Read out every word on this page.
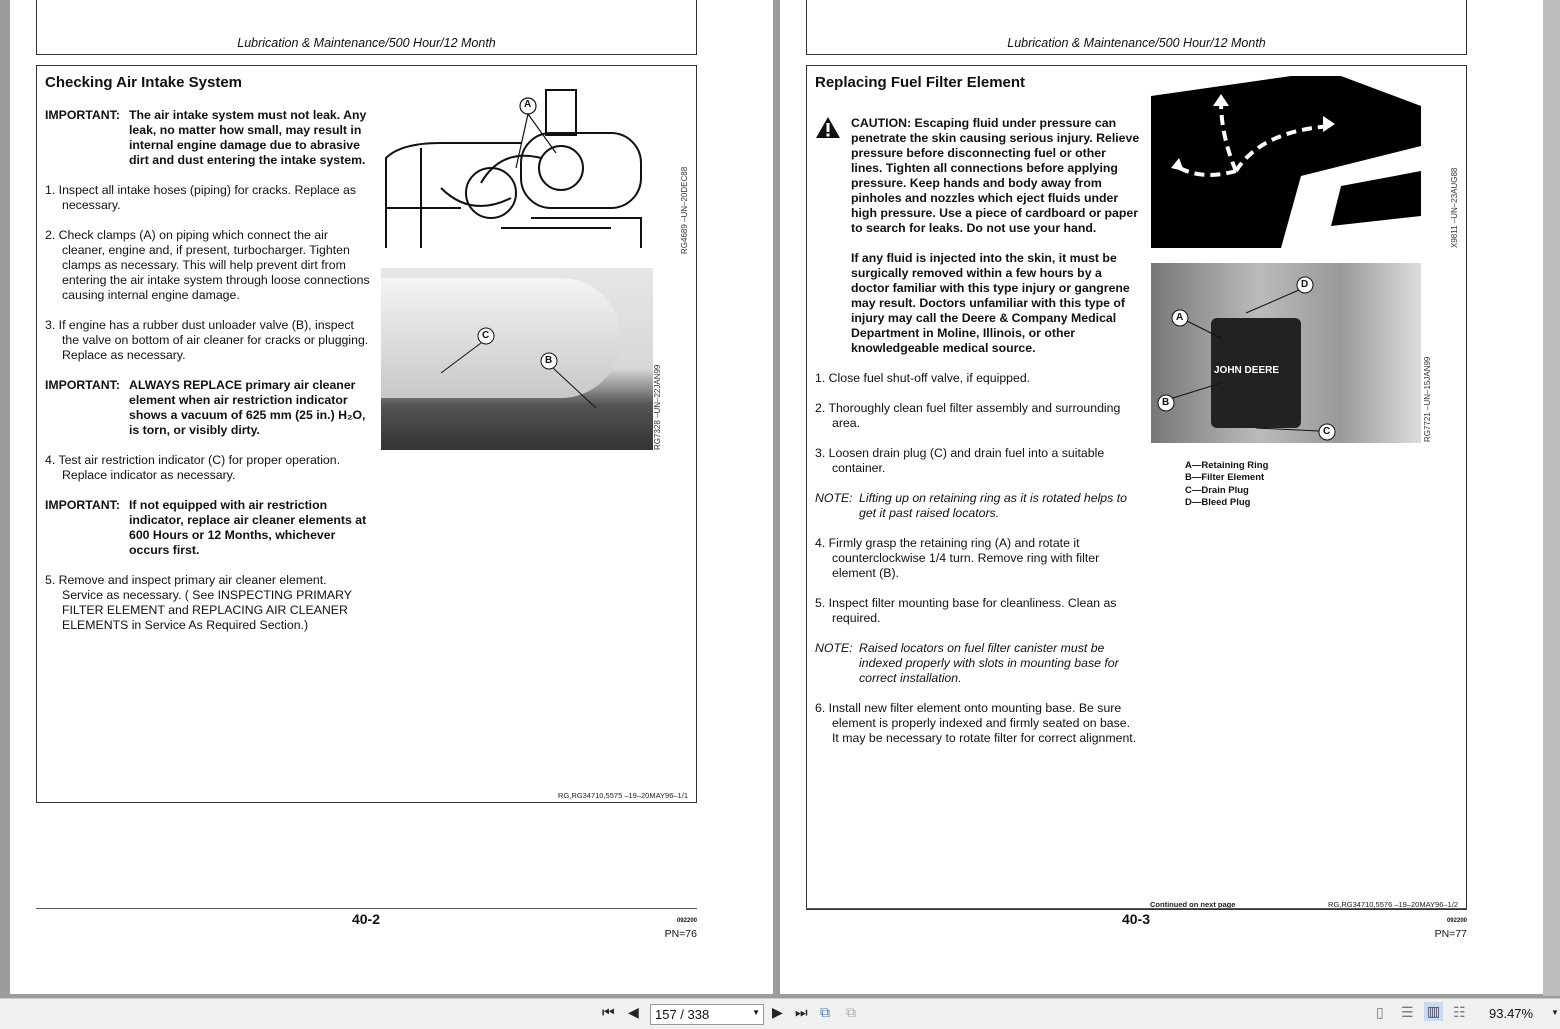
Lubrication & Maintenance/500 Hour/12 Month
Checking Air Intake System

IMPORTANT: The air intake system must not leak. Any leak, no matter how small, may result in internal engine damage due to abrasive dirt and dust entering the intake system.

1. Inspect all intake hoses (piping) for cracks. Replace as necessary.

2. Check clamps (A) on piping which connect the air cleaner, engine and, if present, turbocharger. Tighten clamps as necessary. This will help prevent dirt from entering the air intake system through loose connections causing internal engine damage.

3. If engine has a rubber dust unloader valve (B), inspect the valve on bottom of air cleaner for cracks or plugging. Replace as necessary.

IMPORTANT: ALWAYS REPLACE primary air cleaner element when air restriction indicator shows a vacuum of 625 mm (25 in.) H₂O, is torn, or visibly dirty.

4. Test air restriction indicator (C) for proper operation. Replace indicator as necessary.

IMPORTANT: If not equipped with air restriction indicator, replace air cleaner elements at 600 Hours or 12 Months, whichever occurs first.

5. Remove and inspect primary air cleaner element. Service as necessary. ( See INSPECTING PRIMARY FILTER ELEMENT and REPLACING AIR CLEANER ELEMENTS in Service As Required Section.)

A
RG4689 –UN–20DEC88
C
B
RG7328 –UN–22JAN99
RG,RG34710,5575 –19–20MAY96–1/1
40-2	092200
PN=76
Lubrication & Maintenance/500 Hour/12 Month
Replacing Fuel Filter Element

CAUTION: Escaping fluid under pressure can penetrate the skin causing serious injury. Relieve pressure before disconnecting fuel or other lines. Tighten all connections before applying pressure. Keep hands and body away from pinholes and nozzles which eject fluids under high pressure. Use a piece of cardboard or paper to search for leaks. Do not use your hand.

If any fluid is injected into the skin, it must be surgically removed within a few hours by a doctor familiar with this type injury or gangrene may result. Doctors unfamiliar with this type of injury may call the Deere & Company Medical Department in Moline, Illinois, or other knowledgeable medical source.

1. Close fuel shut-off valve, if equipped.

2. Thoroughly clean fuel filter assembly and surrounding area.

3. Loosen drain plug (C) and drain fuel into a suitable container.

NOTE: Lifting up on retaining ring as it is rotated helps to get it past raised locators.

4. Firmly grasp the retaining ring (A) and rotate it counterclockwise 1/4 turn. Remove ring with filter element (B).

5. Inspect filter mounting base for cleanliness. Clean as required.

NOTE: Raised locators on fuel filter canister must be indexed properly with slots in mounting base for correct installation.

6. Install new filter element onto mounting base. Be sure element is properly indexed and firmly seated on base. It may be necessary to rotate filter for correct alignment.

X9811 –UN–23AUG88
JOHN DEERE
A
D
B
C	RG7721 –UN–15JAN99
A—Retaining Ring
B—Filter Element
C—Drain Plug
D—Bleed Plug
Continued on next page	RG,RG34710,5576 –19–20MAY96–1/2
40-3	092200
PN=77
⏮ ◀	157 / 338	▼ ▶ ⏭ ⧉ ⧉	▯ ☰ ▥ ☷ 93.47% ▼
